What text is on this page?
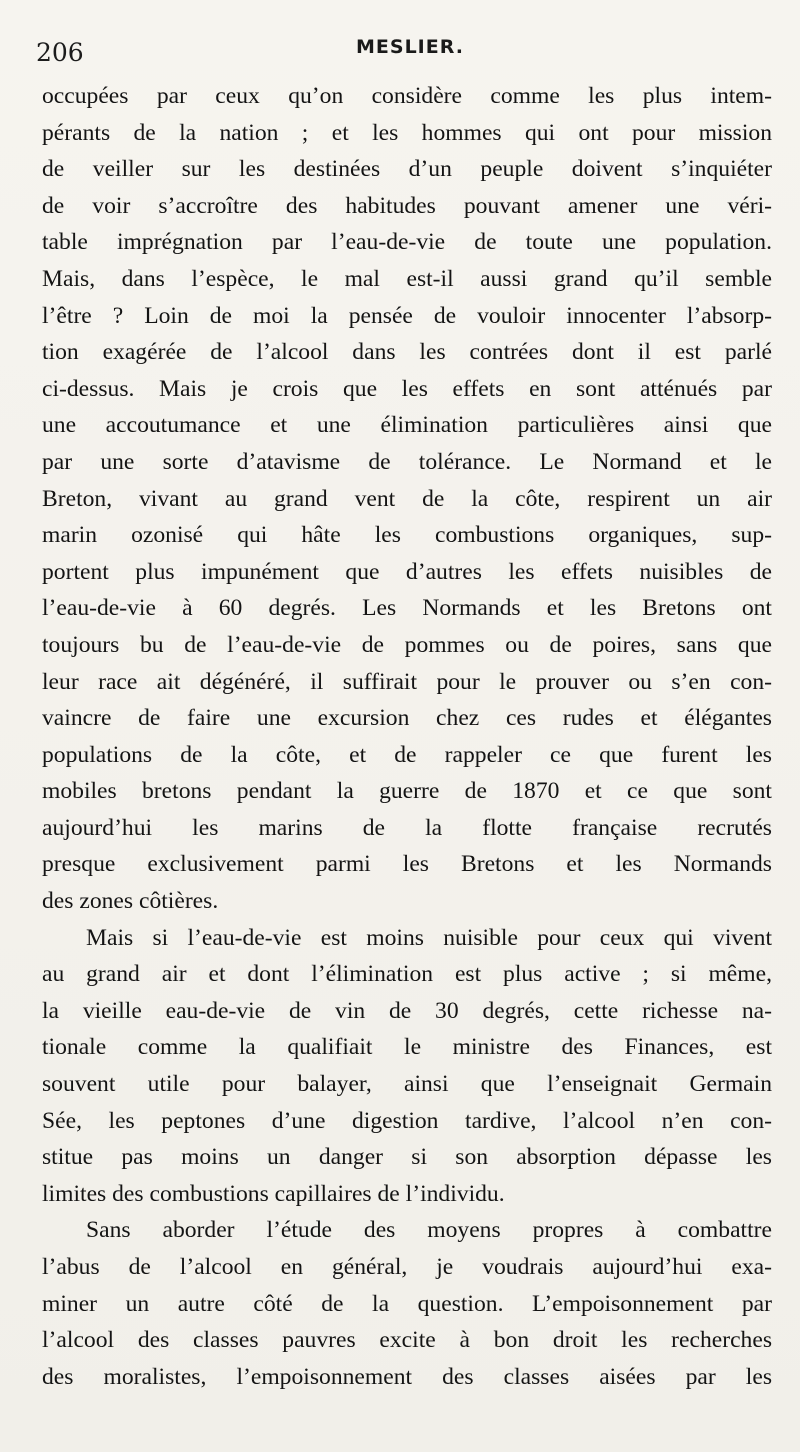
206	MESLIER.
occupées par ceux qu’on considère comme les plus intem-
pérants de la nation ; et les hommes qui ont pour mission
de veiller sur les destinées d’un peuple doivent s’inquiéter
de voir s’accroître des habitudes pouvant amener une véri-
table imprégnation par l’eau-de-vie de toute une population.
Mais, dans l’espèce, le mal est-il aussi grand qu’il semble
l’être ? Loin de moi la pensée de vouloir innocenter l’absorp-
tion exagérée de l’alcool dans les contrées dont il est parlé
ci-dessus. Mais je crois que les effets en sont atténués par
une accoutumance et une élimination particulières ainsi que
par une sorte d’atavisme de tolérance. Le Normand et le
Breton, vivant au grand vent de la côte, respirent un air
marin ozonisé qui hâte les combustions organiques, sup-
portent plus impunément que d’autres les effets nuisibles de
l’eau-de-vie à 60 degrés. Les Normands et les Bretons ont
toujours bu de l’eau-de-vie de pommes ou de poires, sans que
leur race ait dégénéré, il suffirait pour le prouver ou s’en con-
vaincre de faire une excursion chez ces rudes et élégantes
populations de la côte, et de rappeler ce que furent les
mobiles bretons pendant la guerre de 1870 et ce que sont
aujourd’hui les marins de la flotte française recrutés
presque exclusivement parmi les Bretons et les Normands
des zones côtières.
Mais si l’eau-de-vie est moins nuisible pour ceux qui vivent
au grand air et dont l’élimination est plus active ; si même,
la vieille eau-de-vie de vin de 30 degrés, cette richesse na-
tionale comme la qualifiait le ministre des Finances, est
souvent utile pour balayer, ainsi que l’enseignait Germain
Sée, les peptones d’une digestion tardive, l’alcool n’en con-
stitue pas moins un danger si son absorption dépasse les
limites des combustions capillaires de l’individu.
Sans aborder l’étude des moyens propres à combattre
l’abus de l’alcool en général, je voudrais aujourd’hui exa-
miner un autre côté de la question. L’empoisonnement par
l’alcool des classes pauvres excite à bon droit les recherches
des moralistes, l’empoisonnement des classes aisées par les
